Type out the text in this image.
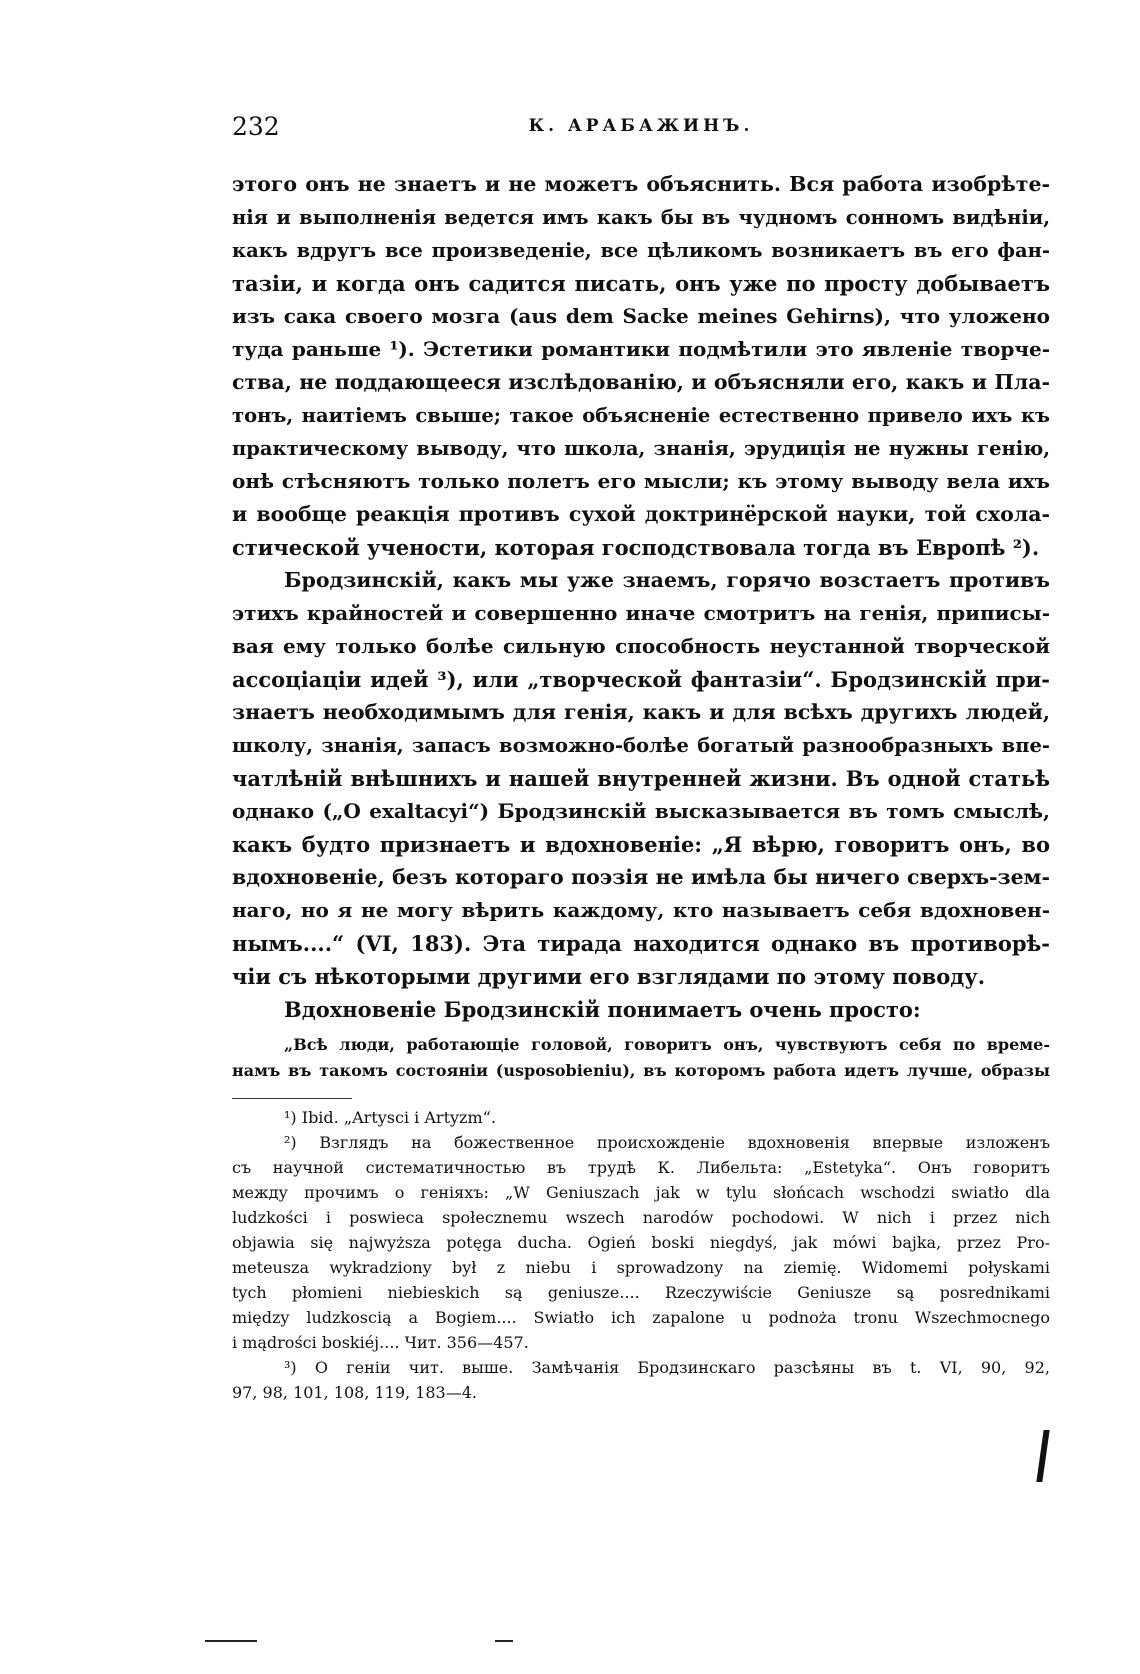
232	К. АРАБАЖИНЪ.
этого онъ не знаетъ и не можетъ объяснить. Вся работа изобрѣте-
нія и выполненія ведется имъ какъ бы въ чудномъ сонномъ видѣніи,
какъ вдругъ все произведеніе, все цѣликомъ возникаетъ въ его фан-
тазіи, и когда онъ садится писать, онъ уже по просту добываетъ
изъ сака своего мозга (aus dem Sacke meines Gehirns), что уложено
туда раньше ¹). Эстетики романтики подмѣтили это явленіе творче-
ства, не поддающееся изслѣдованію, и объясняли его, какъ и Пла-
тонъ, наитіемъ свыше; такое объясненіе естественно привело ихъ къ
практическому выводу, что школа, знанія, эрудиція не нужны генію,
онѣ стѣсняютъ только полетъ его мысли; къ этому выводу вела ихъ
и вообще реакція противъ сухой доктринёрской науки, той схола-
стической учености, которая господствовала тогда въ Европѣ ²).
Бродзинскій, какъ мы уже знаемъ, горячо возстаетъ противъ
этихъ крайностей и совершенно иначе смотритъ на генія, приписы-
вая ему только болѣе сильную способность неустанной творческой
ассоціаціи идей ³), или „творческой фантазіи“. Бродзинскій при-
знаетъ необходимымъ для генія, какъ и для всѣхъ другихъ людей,
школу, знанія, запасъ возможно-болѣе богатый разнообразныхъ впе-
чатлѣній внѣшнихъ и нашей внутренней жизни. Въ одной статьѣ
однако („O exaltacyi“) Бродзинскій высказывается въ томъ смыслѣ,
какъ будто признаетъ и вдохновеніе: „Я вѣрю, говоритъ онъ, во
вдохновеніе, безъ котораго поэзія не имѣла бы ничего сверхъ-зем-
наго, но я не могу вѣрить каждому, кто называетъ себя вдохновен-
нымъ....“ (VI, 183). Эта тирада находится однако въ противорѣ-
чіи съ нѣкоторыми другими его взглядами по этому поводу.
Вдохновеніе Бродзинскій понимаетъ очень просто:
„Всѣ люди, работающіе головой, говоритъ онъ, чувствуютъ себя по време-
намъ въ такомъ состояніи (usposobieniu), въ которомъ работа идетъ лучше, образы
¹) Ibid. „Artysci i Artyzm“.
²) Взглядъ на божественное происхожденіе вдохновенія впервые изложенъ
съ научной систематичностью въ трудѣ К. Либельта: „Estetyka“. Онъ говоритъ
между прочимъ о геніяхъ: „W Geniuszach jak w tylu słońcach wschodzi swiatło dla
ludzkości i poswieca społecznemu wszech narodów pochodowi. W nich i przez nich
objawia się najwyższa potęga ducha. Ogień boski niegdyś, jak mówi bajka, przez Pro-
meteusza wykradziony był z niebu i sprowadzony na ziemię. Widomemi połyskami
tych płomieni niebieskich są geniusze.... Rzeczywiście Geniusze są posrednikami
między ludzkoscią a Bogiem.... Swiatło ich zapalone u podnoża tronu Wszechmocnego
i mądrości boskiéj.... Чит. 356—457.
³) О геніи чит. выше. Замѣчанія Бродзинскаго разсѣяны въ t. VI, 90, 92,
97, 98, 101, 108, 119, 183—4.
